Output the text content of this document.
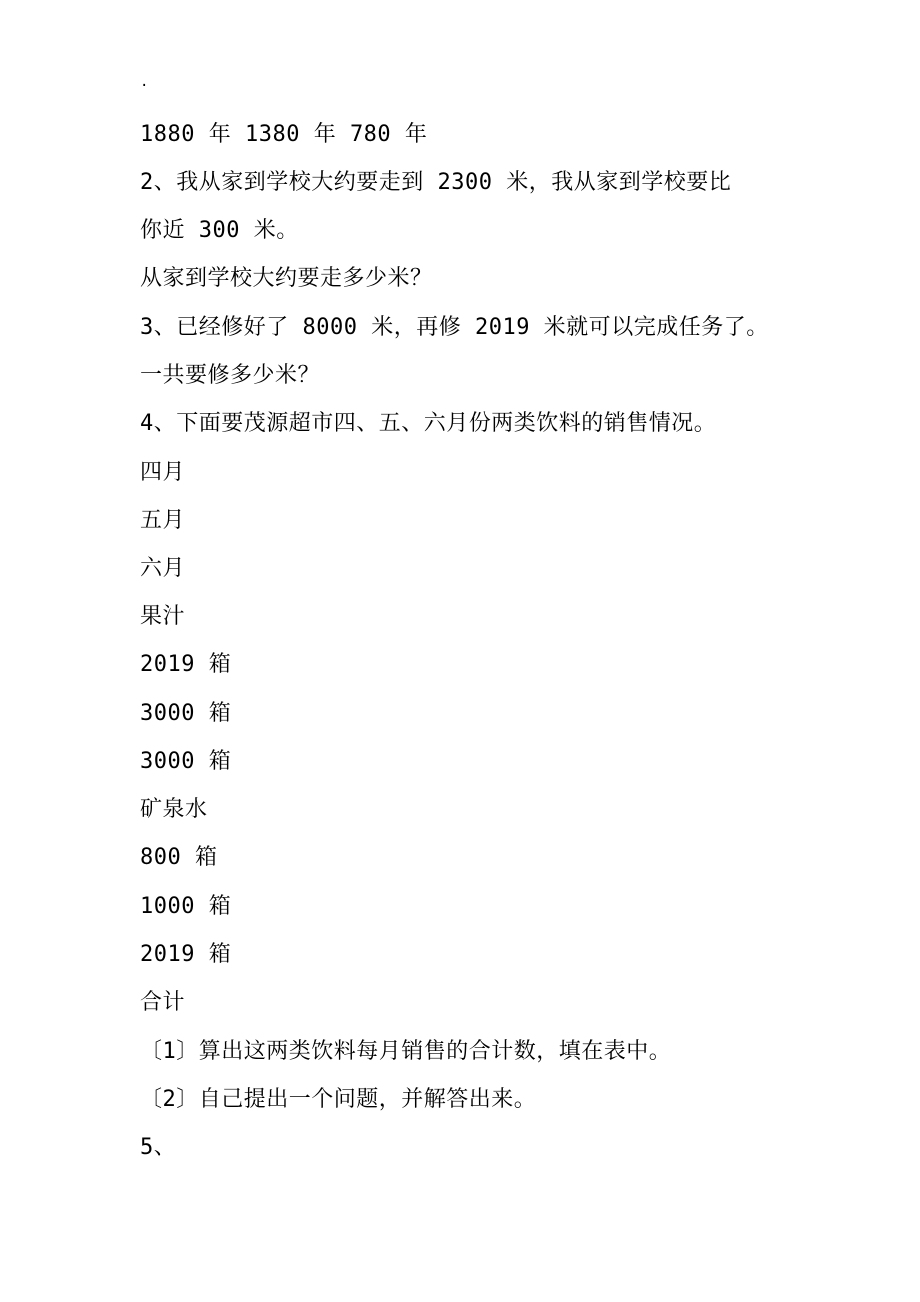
.
1880 年 1380 年 780 年
2、我从家到学校大约要走到 2300 米，我从家到学校要比
你近 300 米。
从家到学校大约要走多少米？
3、已经修好了 8000 米，再修 2019 米就可以完成任务了。
一共要修多少米？
4、下面要茂源超市四、五、六月份两类饮料的销售情况。
四月
五月
六月
果汁
2019 箱
3000 箱
3000 箱
矿泉水
800 箱
1000 箱
2019 箱
合计
〔1〕算出这两类饮料每月销售的合计数，填在表中。
〔2〕自己提出一个问题，并解答出来。
5、
